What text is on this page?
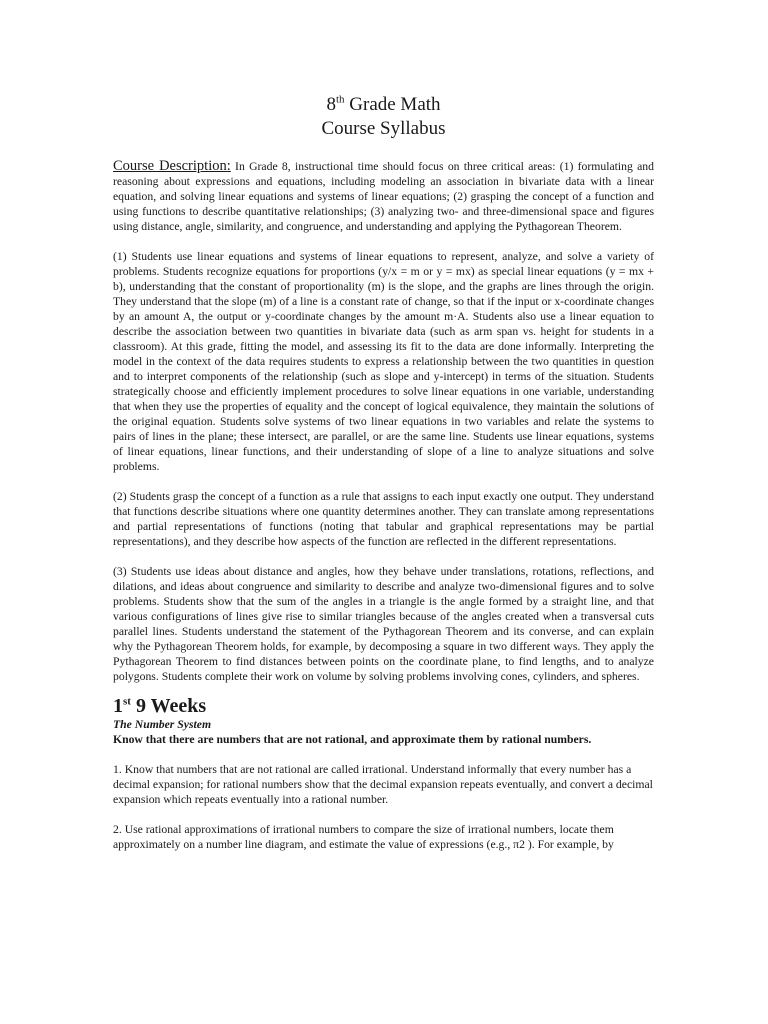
8th Grade Math
Course Syllabus
Course Description: In Grade 8, instructional time should focus on three critical areas: (1) formulating and reasoning about expressions and equations, including modeling an association in bivariate data with a linear equation, and solving linear equations and systems of linear equations; (2) grasping the concept of a function and using functions to describe quantitative relationships; (3) analyzing two- and three-dimensional space and figures using distance, angle, similarity, and congruence, and understanding and applying the Pythagorean Theorem.
(1) Students use linear equations and systems of linear equations to represent, analyze, and solve a variety of problems. Students recognize equations for proportions (y/x = m or y = mx) as special linear equations (y = mx + b), understanding that the constant of proportionality (m) is the slope, and the graphs are lines through the origin. They understand that the slope (m) of a line is a constant rate of change, so that if the input or x-coordinate changes by an amount A, the output or y-coordinate changes by the amount m·A. Students also use a linear equation to describe the association between two quantities in bivariate data (such as arm span vs. height for students in a classroom). At this grade, fitting the model, and assessing its fit to the data are done informally. Interpreting the model in the context of the data requires students to express a relationship between the two quantities in question and to interpret components of the relationship (such as slope and y-intercept) in terms of the situation. Students strategically choose and efficiently implement procedures to solve linear equations in one variable, understanding that when they use the properties of equality and the concept of logical equivalence, they maintain the solutions of the original equation. Students solve systems of two linear equations in two variables and relate the systems to pairs of lines in the plane; these intersect, are parallel, or are the same line. Students use linear equations, systems of linear equations, linear functions, and their understanding of slope of a line to analyze situations and solve problems.
(2) Students grasp the concept of a function as a rule that assigns to each input exactly one output. They understand that functions describe situations where one quantity determines another. They can translate among representations and partial representations of functions (noting that tabular and graphical representations may be partial representations), and they describe how aspects of the function are reflected in the different representations.
(3) Students use ideas about distance and angles, how they behave under translations, rotations, reflections, and dilations, and ideas about congruence and similarity to describe and analyze two-dimensional figures and to solve problems. Students show that the sum of the angles in a triangle is the angle formed by a straight line, and that various configurations of lines give rise to similar triangles because of the angles created when a transversal cuts parallel lines. Students understand the statement of the Pythagorean Theorem and its converse, and can explain why the Pythagorean Theorem holds, for example, by decomposing a square in two different ways. They apply the Pythagorean Theorem to find distances between points on the coordinate plane, to find lengths, and to analyze polygons. Students complete their work on volume by solving problems involving cones, cylinders, and spheres.
1st 9 Weeks
The Number System
Know that there are numbers that are not rational, and approximate them by rational numbers.
1. Know that numbers that are not rational are called irrational. Understand informally that every number has a decimal expansion; for rational numbers show that the decimal expansion repeats eventually, and convert a decimal expansion which repeats eventually into a rational number.
2. Use rational approximations of irrational numbers to compare the size of irrational numbers, locate them approximately on a number line diagram, and estimate the value of expressions (e.g., π2 ). For example, by
